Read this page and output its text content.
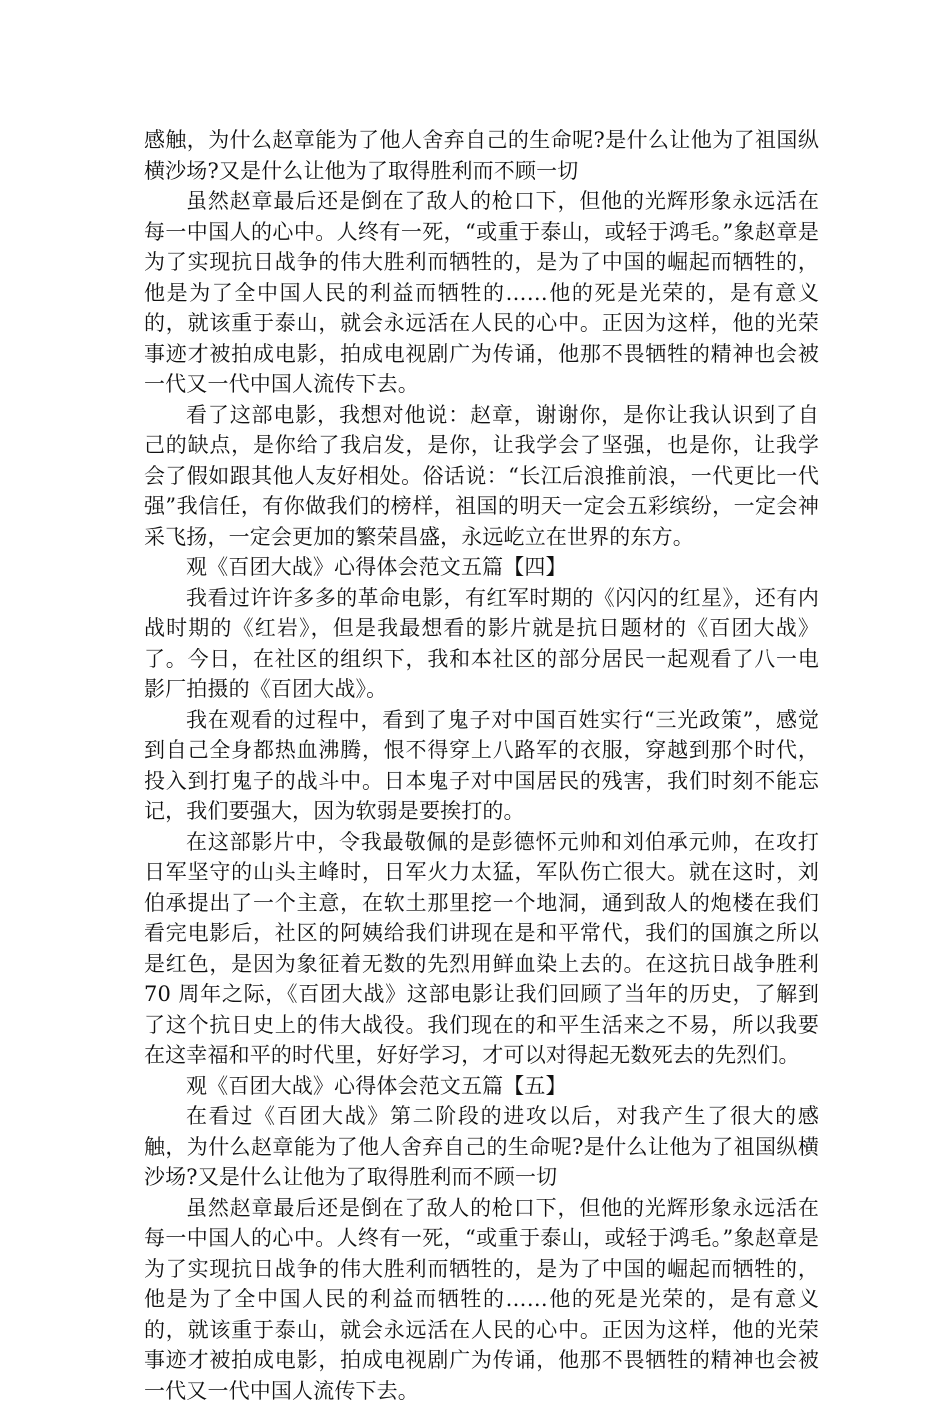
感触，为什么赵章能为了他人舍弃自己的生命呢?是什么让他为了祖国纵横沙场?又是什么让他为了取得胜利而不顾一切

虽然赵章最后还是倒在了敌人的枪口下，但他的光辉形象永远活在每一中国人的心中。人终有一死，“或重于泰山，或轻于鸿毛。”象赵章是为了实现抗日战争的伟大胜利而牺牲的，是为了中国的崛起而牺牲的，他是为了全中国人民的利益而牺牲的……他的死是光荣的，是有意义的，就该重于泰山，就会永远活在人民的心中。正因为这样，他的光荣事迹才被拍成电影，拍成电视剧广为传诵，他那不畏牺牲的精神也会被一代又一代中国人流传下去。

看了这部电影，我想对他说：赵章，谢谢你，是你让我认识到了自己的缺点，是你给了我启发，是你，让我学会了坚强，也是你，让我学会了假如跟其他人友好相处。俗话说：“长江后浪推前浪，一代更比一代强”我信任，有你做我们的榜样，祖国的明天一定会五彩缤纷，一定会神采飞扬，一定会更加的繁荣昌盛，永远屹立在世界的东方。

观《百团大战》心得体会范文五篇【四】

我看过许许多多的革命电影，有红军时期的《闪闪的红星》，还有内战时期的《红岩》，但是我最想看的影片就是抗日题材的《百团大战》了。今日，在社区的组织下，我和本社区的部分居民一起观看了八一电影厂拍摄的《百团大战》。

我在观看的过程中，看到了鬼子对中国百姓实行“三光政策”，感觉到自己全身都热血沸腾，恨不得穿上八路军的衣服，穿越到那个时代，投入到打鬼子的战斗中。日本鬼子对中国居民的残害，我们时刻不能忘记，我们要强大，因为软弱是要挨打的。

在这部影片中，令我最敬佩的是彭德怀元帅和刘伯承元帅，在攻打日军坚守的山头主峰时，日军火力太猛，军队伤亡很大。就在这时，刘伯承提出了一个主意，在软土那里挖一个地洞，通到敌人的炮楼在我们看完电影后，社区的阿姨给我们讲现在是和平常代，我们的国旗之所以是红色，是因为象征着无数的先烈用鲜血染上去的。在这抗日战争胜利 70 周年之际，《百团大战》这部电影让我们回顾了当年的历史，了解到了这个抗日史上的伟大战役。我们现在的和平生活来之不易，所以我要在这幸福和平的时代里，好好学习，才可以对得起无数死去的先烈们。

观《百团大战》心得体会范文五篇【五】

在看过《百团大战》第二阶段的进攻以后，对我产生了很大的感触，为什么赵章能为了他人舍弃自己的生命呢?是什么让他为了祖国纵横沙场?又是什么让他为了取得胜利而不顾一切

虽然赵章最后还是倒在了敌人的枪口下，但他的光辉形象永远活在每一中国人的心中。人终有一死，“或重于泰山，或轻于鸿毛。”象赵章是为了实现抗日战争的伟大胜利而牺牲的，是为了中国的崛起而牺牲的，他是为了全中国人民的利益而牺牲的……他的死是光荣的，是有意义的，就该重于泰山，就会永远活在人民的心中。正因为这样，他的光荣事迹才被拍成电影，拍成电视剧广为传诵，他那不畏牺牲的精神也会被一代又一代中国人流传下去。
